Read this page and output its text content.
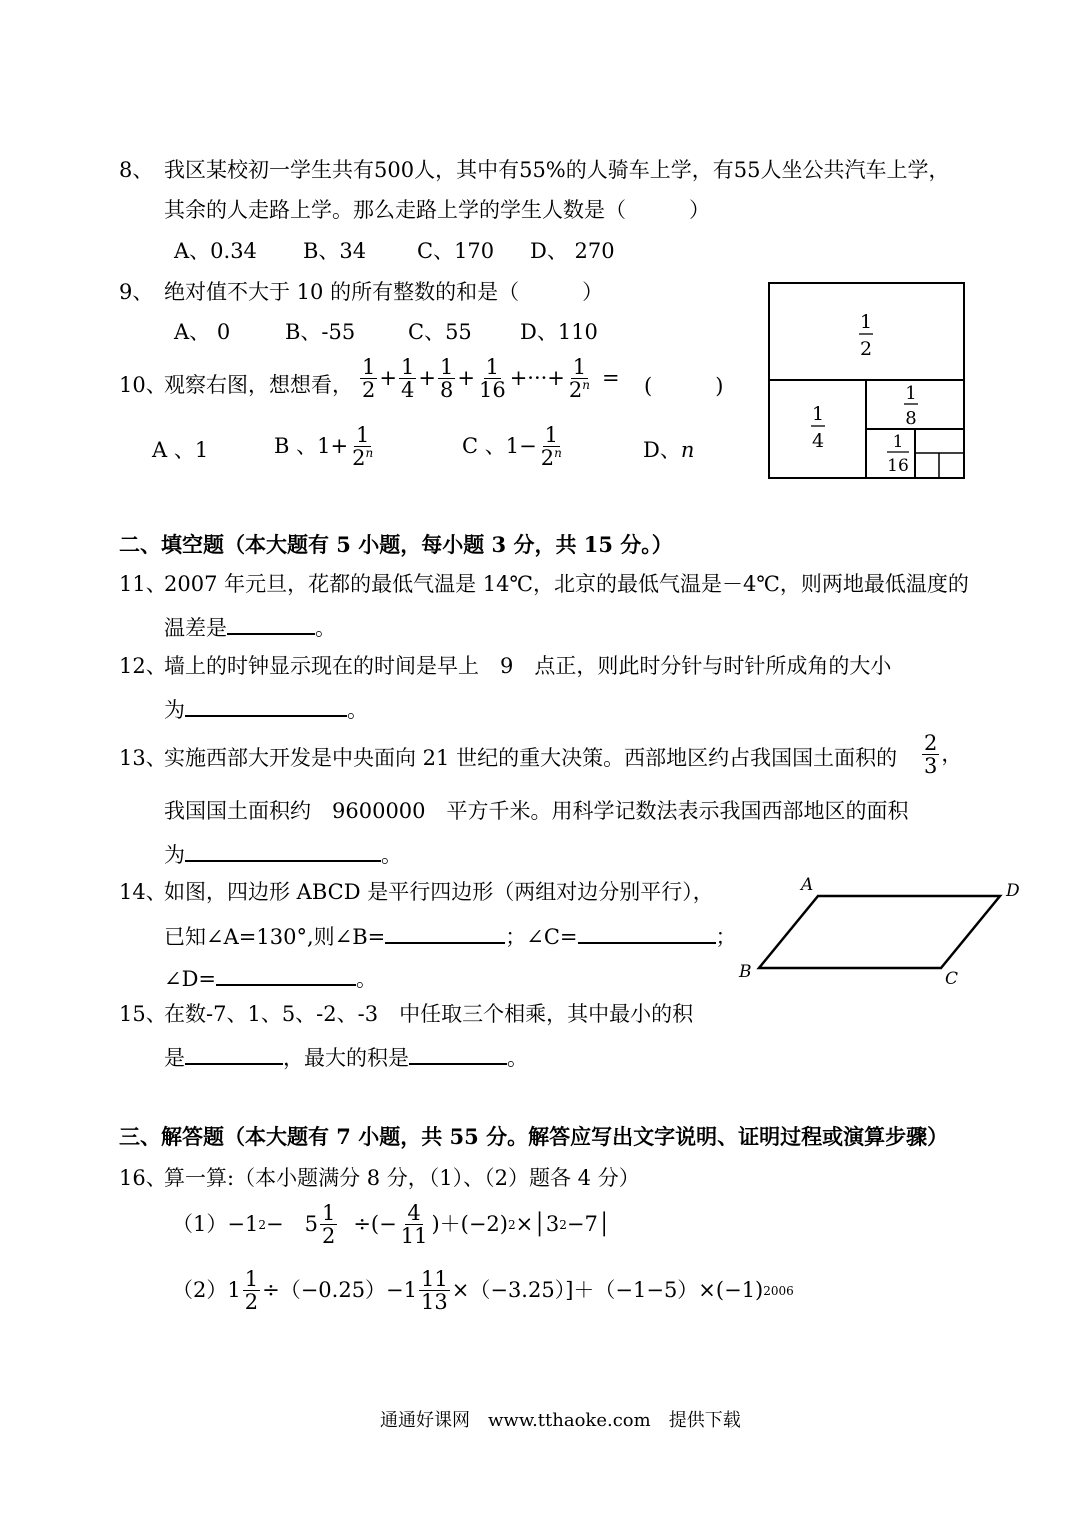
8、 我区某校初一学生共有500人，其中有55%的人骑车上学，有55人坐公共汽车上学，
其余的人走路上学。那么走路上学的学生人数是（　　　）
A、0.34 B、34 C、170 D、 270
9、 绝对值不大于 10 的所有整数的和是（　　　）
A、 0	B、-55	C、55 D、110
10、
观察右图，想想看， $\frac{1}{2} + \frac{1}{4} + \frac{1}{8} + \frac{1}{16}$ +···+ $\frac{1}{2^n}$ = (　　　)
A 、1	B 、$1+ \frac{1}{2^n}$	C 、$1- \frac{1}{2^n}$	D、n
1
2
1
4
1
8
1
16
二、填空题（本大题有 5 小题，每小题 3 分，共 15 分。）
11、
2007 年元旦，花都的最低气温是 14℃，北京的最低气温是－4℃，则两地最低温度的
温差是	。
12、
墙上的时钟显示现在的时间是早上　9　点正，则此时分针与时针所成角的大小
为	。
13、
实施西部大开发是中央面向 21 世纪的重大决策。西部地区约占我国国土面积的 $\frac{2}{3}$ ，
我国国土面积约　9600000　平方千米。用科学记数法表示我国西部地区的面积
为	。
14、
如图，四边形 ABCD 是平行四边形（两组对边分别平行），
已知∠A=130°,则∠B=	；∠C=	；
∠D=	。
A	D
B	C
15、
在数-7、1、5、-2、-3　中任取三个相乘，其中最小的积
是	，最大的积是	。
三、解答题（本大题有 7 小题，共 55 分。解答应写出文字说明、证明过程或演算步骤）
16、
算一算:（本小题满分 8 分，（1）、（2）题各 4 分）
（1）−1 2 −　$5 \frac{1}{2}$ ÷(− $\frac{4}{11} )+(-2)$ 2 ×│3 2 −7│
$(2)1 \frac{1}{2} \div(-0.25)-1 \frac{11}{13} \times(-3.25)]+(-1-5)\times(-1)$ 2006
通通好课网　www.tthaoke.com　提供下载
